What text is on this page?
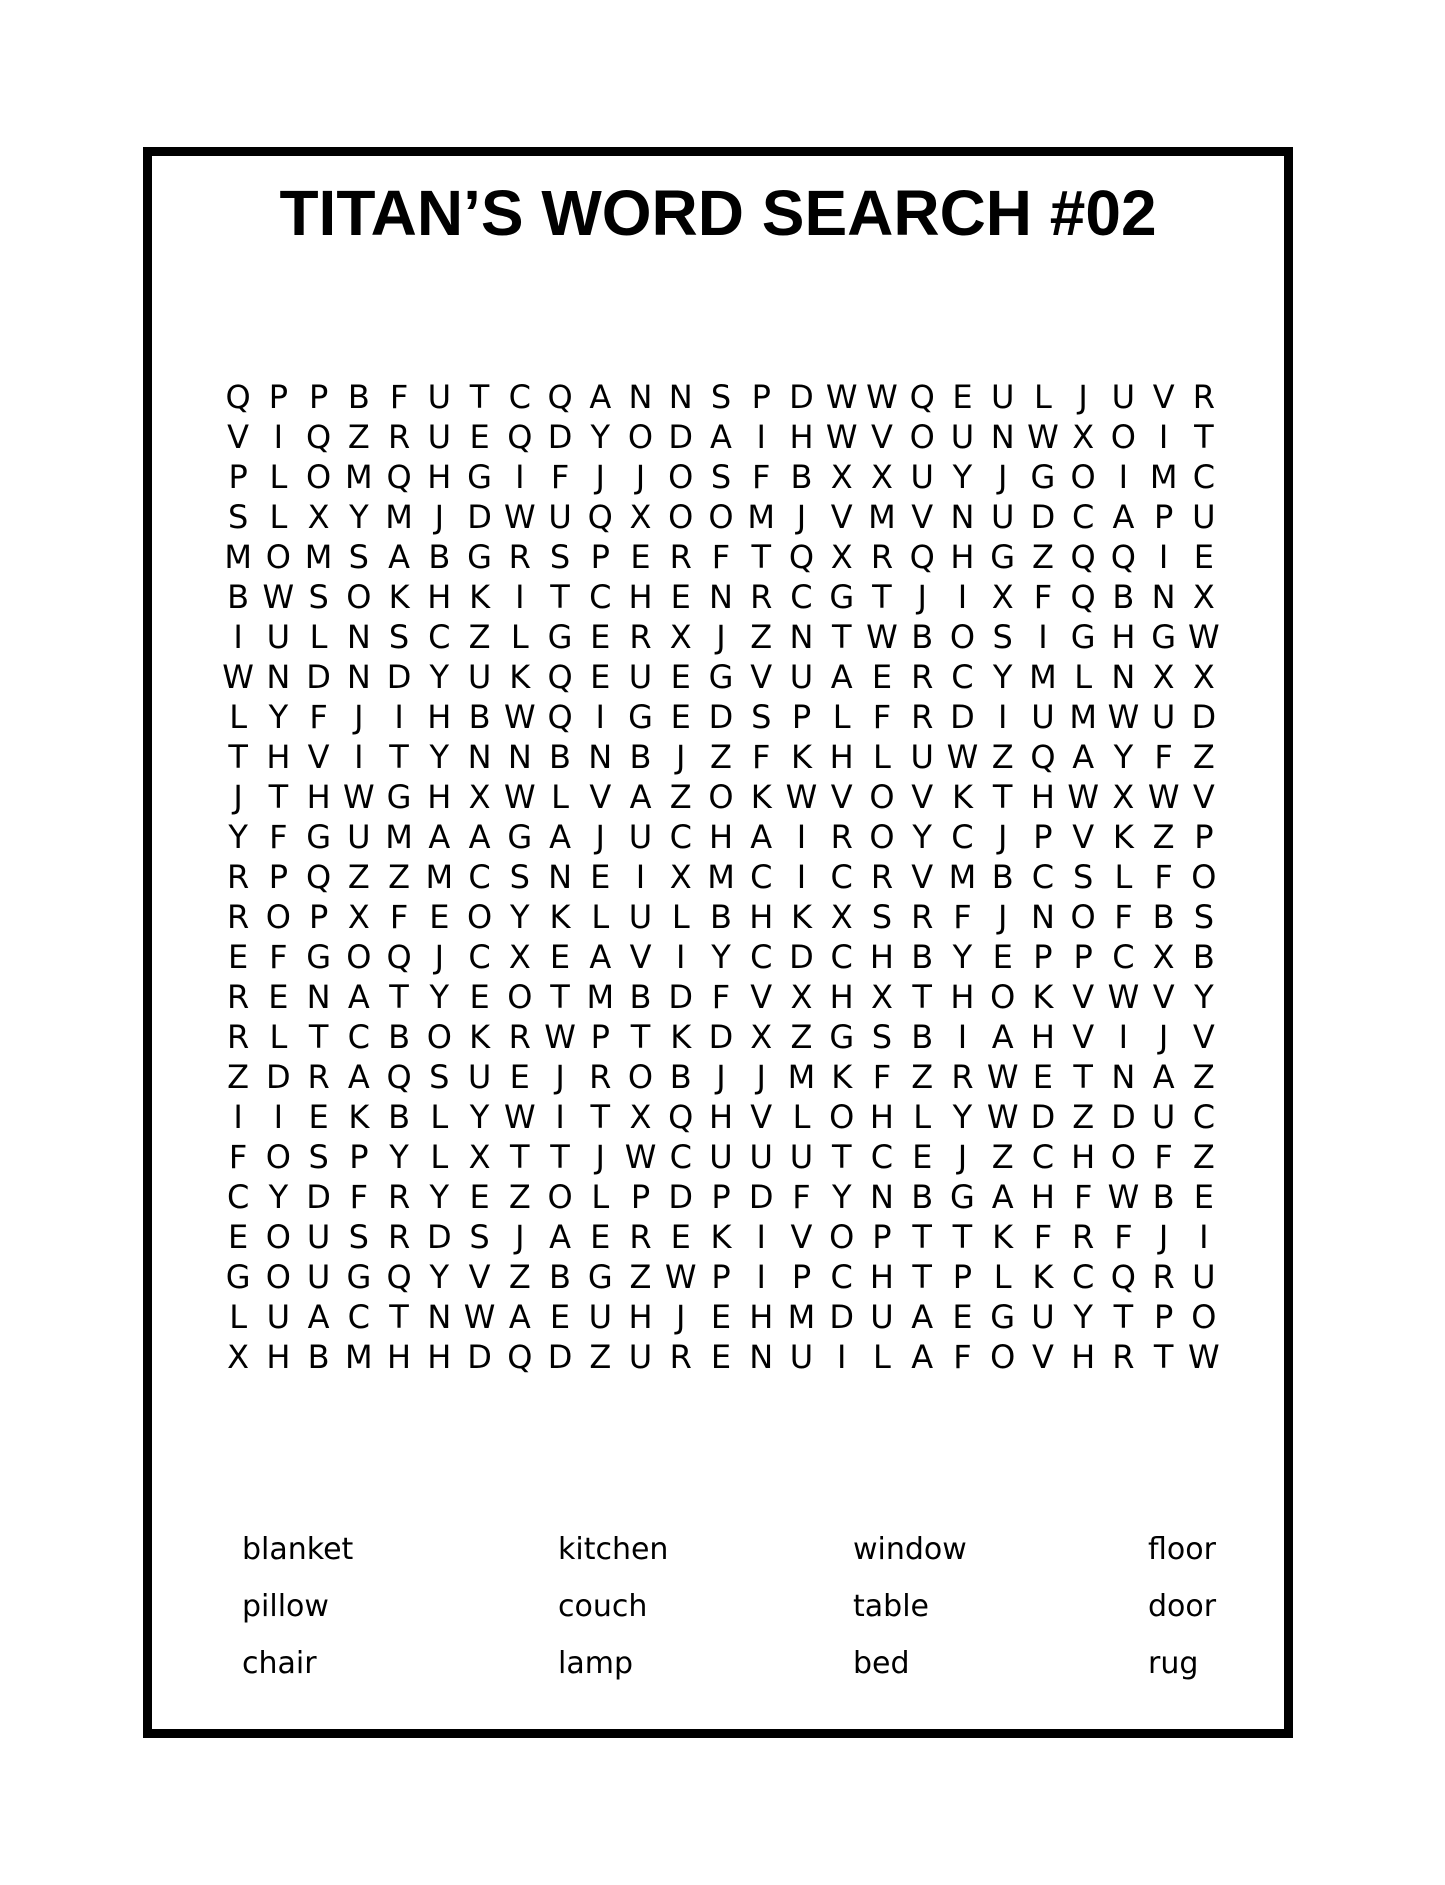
TITAN’S WORD SEARCH #02
Q P P B F U T C Q A N N S P D W W Q E U L J U V R
V I Q Z R U E Q D Y O D A I H W V O U N W X O I T
P L O M Q H G I F J J O S F B X X U Y J G O I M C
S L X Y M J D W U Q X O O M J V M V N U D C A P U
M O M S A B G R S P E R F T Q X R Q H G Z Q Q I E
B W S O K H K I T C H E N R C G T J I X F Q B N X
I U L N S C Z L G E R X J Z N T W B O S I G H G W
W N D N D Y U K Q E U E G V U A E R C Y M L N X X
L Y F J I H B W Q I G E D S P L F R D I U M W U D
T H V I T Y N N B N B J Z F K H L U W Z Q A Y F Z
J T H W G H X W L V A Z O K W V O V K T H W X W V
Y F G U M A A G A J U C H A I R O Y C J P V K Z P
R P Q Z Z M C S N E I X M C I C R V M B C S L F O
R O P X F E O Y K L U L B H K X S R F J N O F B S
E F G O Q J C X E A V I Y C D C H B Y E P P C X B
R E N A T Y E O T M B D F V X H X T H O K V W V Y
R L T C B O K R W P T K D X Z G S B I A H V I J V
Z D R A Q S U E J R O B J J M K F Z R W E T N A Z
I I E K B L Y W I T X Q H V L O H L Y W D Z D U C
F O S P Y L X T T J W C U U U T C E J Z C H O F Z
C Y D F R Y E Z O L P D P D F Y N B G A H F W B E
E O U S R D S J A E R E K I V O P T T K F R F J I
G O U G Q Y V Z B G Z W P I P C H T P L K C Q R U
L U A C T N W A E U H J E H M D U A E G U Y T P O
X H B M H H D Q D Z U R E N U I L A F O V H R T W
blanket	kitchen	window	floor
pillow	couch	table	door
chair	lamp	bed	rug
